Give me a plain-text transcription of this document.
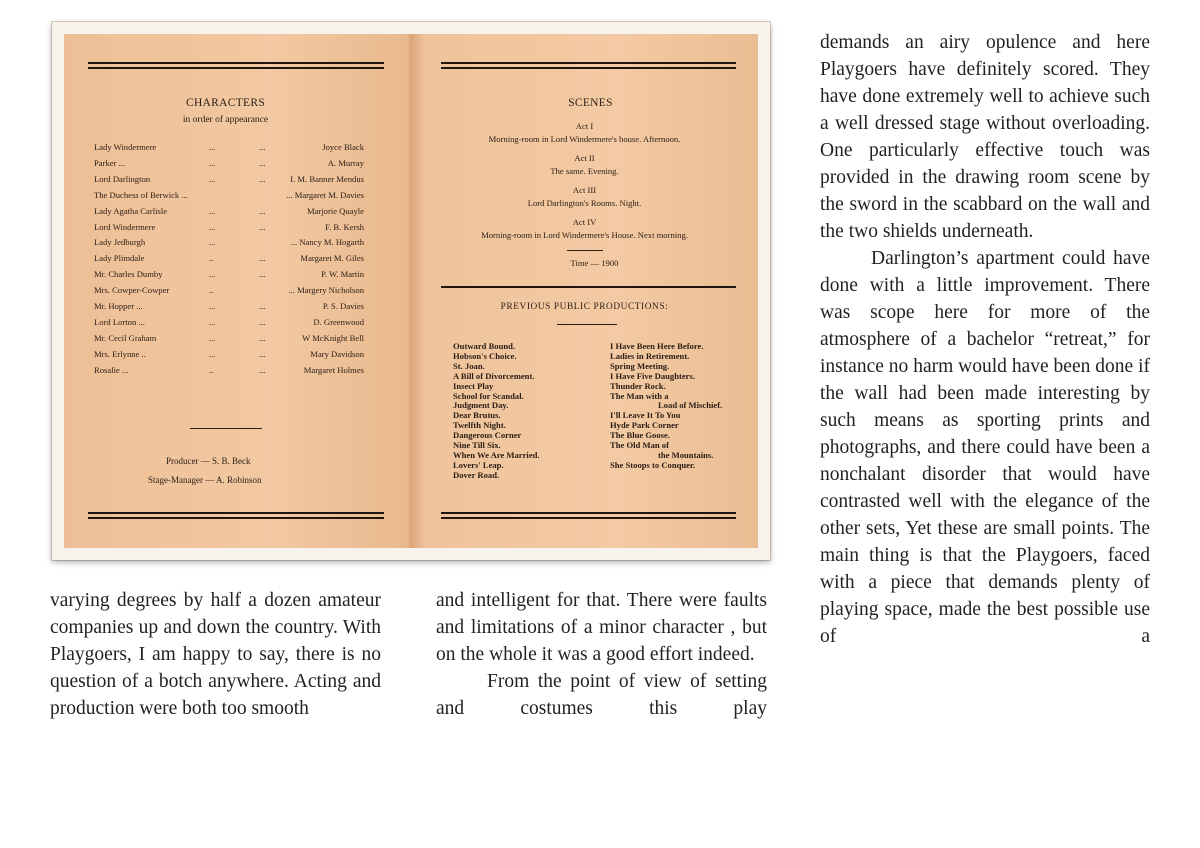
CHARACTERS
in order of appearance
Lady Windermere	...	...	Joyce Black
Parker ...	...	...	A. Murray
Lord Darlington	...	...	I. M. Banner Mendus
The Duchess of Berwick ...	... Margaret M. Davies
Lady Agatha Carlisle	...	...	Marjorie Quayle
Lord Windermere	...	...	F. B. Kersh
Lady Jedburgh	...	... Nancy M. Hogarth
Lady Plimdale	..	...	Margaret M. Giles
Mr. Charles Dumby	...	...	P. W. Martin
Mrs. Cowper-Cowper	..	... Margery Nicholson
Mr. Hopper ...	...	...	P. S. Davies
Lord Lorton ...	...	...	D. Greenwood
Mr. Cecil Graham	...	...	W McKnight Bell
Mrs. Erlynne ..	...	...	Mary Davidson
Rosalie ...	..	...	Margaret Holmes
Producer — S. B. Beck
Stage-Manager — A. Robinson
SCENES
Act I
Morning-room in Lord Windermere's house. Afternoon.
Act II
The same. Evening.
Act III
Lord Darlington's Rooms. Night.
Act IV
Morning-room in Lord Windermere's House. Next morning.
Time — 1900
PREVIOUS PUBLIC PRODUCTIONS:
Outward Bound.
Hobson's Choice.
St. Joan.
A Bill of Divorcement.
Insect Play
School for Scandal.
Judgment Day.
Dear Brutus.
Twelfth Night.
Dangerous Corner
Nine Till Six.
When We Are Married.
Lovers' Leap.
Dover Road.
I Have Been Here Before.
Ladies in Retirement.
Spring Meeting.
I Have Five Daughters.
Thunder Rock.
The Man with a
Load of Mischief.
I'll Leave It To You
Hyde Park Corner
The Blue Goose.
The Old Man of
the Mountains.
She Stoops to Conquer.

varying degrees by half a dozen amateur companies up and down the country. With Playgoers, I am happy to say, there is no question of a botch anywhere. Acting and production were both too smooth

and intelligent for that. There were faults and limitations of a minor character , but on the whole it was a good effort indeed.

From the point of view of setting and costumes this play

demands an airy opulence and here Playgoers have definitely scored. They have done extremely well to achieve such a well dressed stage without overloading. One particularly effective touch was provided in the drawing room scene by the sword in the scabbard on the wall and the two shields underneath.

Darlington’s apartment could have done with a little improvement. There was scope here for more of the atmosphere of a bachelor “retreat,” for instance no harm would have been done if the wall had been made interesting by such means as sporting prints and photographs, and there could have been a nonchalant disorder that would have contrasted well with the elegance of the other sets, Yet these are small points. The main thing is that the Playgoers, faced with a piece that demands plenty of playing space, made the best possible use of a
